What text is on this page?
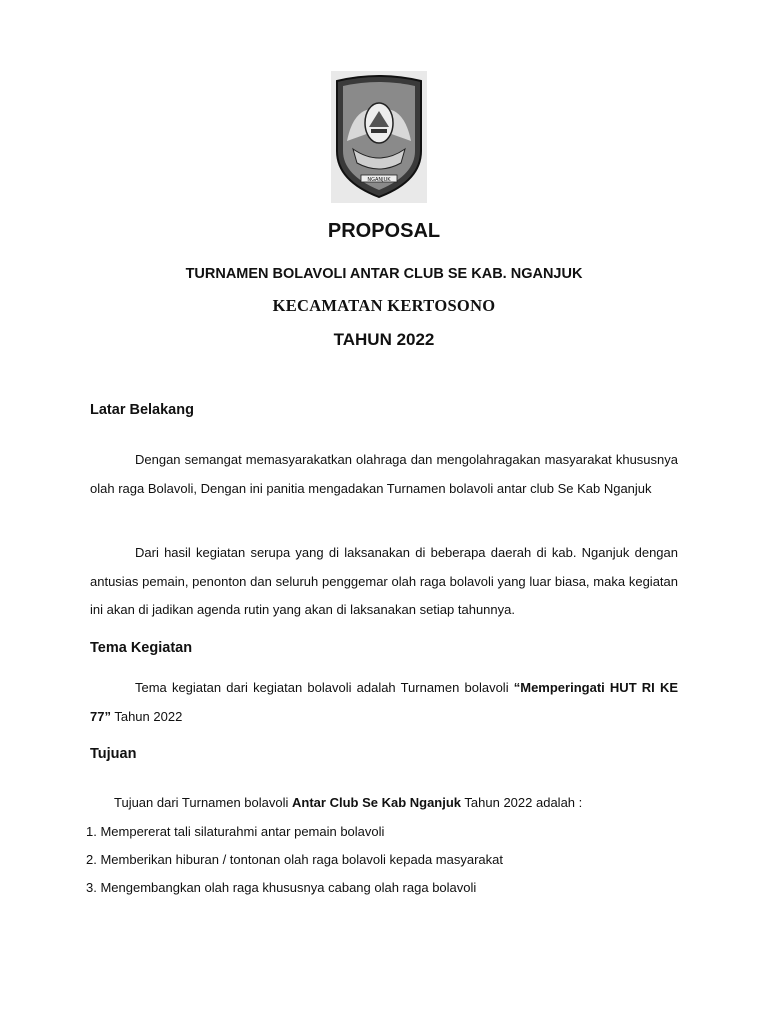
NGANJUK
PROPOSAL
TURNAMEN BOLAVOLI ANTAR CLUB SE KAB. NGANJUK
KECAMATAN KERTOSONO
TAHUN 2022
Latar Belakang

Dengan semangat memasyarakatkan olahraga dan mengolahragakan masyarakat khususnya olah raga Bolavoli, Dengan ini panitia mengadakan Turnamen bolavoli antar club Se Kab Nganjuk

Dari hasil kegiatan serupa yang di laksanakan di beberapa daerah di kab. Nganjuk dengan antusias pemain, penonton dan seluruh penggemar olah raga bolavoli yang luar biasa, maka kegiatan ini akan di jadikan agenda rutin yang akan di laksanakan setiap tahunnya.

Tema Kegiatan

Tema kegiatan dari kegiatan bolavoli adalah Turnamen bolavoli “Memperingati HUT RI KE 77” Tahun 2022

Tujuan

Tujuan dari Turnamen bolavoli Antar Club Se Kab Nganjuk Tahun 2022 adalah :

1. Mempererat tali silaturahmi antar pemain bolavoli
2. Memberikan hiburan / tontonan olah raga bolavoli kepada masyarakat
3. Mengembangkan olah raga khususnya cabang olah raga bolavoli
